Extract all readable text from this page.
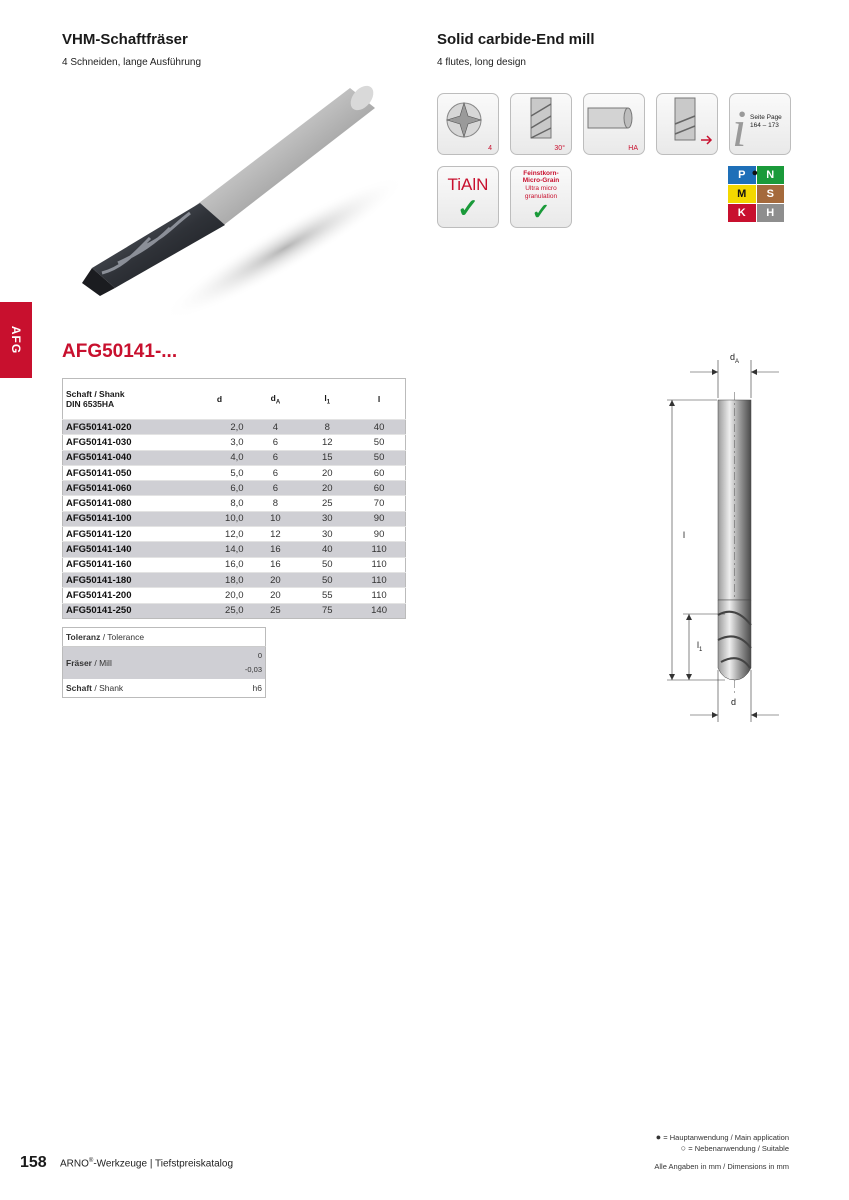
VHM-Schaftfräser
4 Schneiden, lange Ausführung
Solid carbide-End mill
4 flutes, long design
4	30°	HA i Seite Page
164 – 173
TiAlN
✓
Feinstkorn-
Micro-Grain
Ultra micro
granulation
✓
P ● N
M	S
K	H
AFG AFG50141-...
Schaft / Shank
DIN 6535HA	d	$d_A$	$l_1$	l
AFG50141-020	2,0	4	8	40
AFG50141-030	3,0	6	12	50
AFG50141-040	4,0	6	15	50
AFG50141-050	5,0	6	20	60
AFG50141-060	6,0	6	20	60
AFG50141-080	8,0	8	25	70
AFG50141-100	10,0	10	30	90
AFG50141-120	12,0	12	30	90
AFG50141-140	14,0	16	40	110
AFG50141-160	16,0	16	50	110
AFG50141-180	18,0	20	50	110
AFG50141-200	20,0	20	55	110
AFG50141-250	25,0	25	75	140
Toleranz / Tolerance	
Fräser / Mill	0
-0,03

Schaft / Shank	h6
$d_A$
l
$l_1$
d
● = Hauptanwendung / Main application
○ = Nebenanwendung / Suitable
158 ARNO®-Werkzeuge | Tiefstpreiskatalog	Alle Angaben in mm / Dimensions in mm
